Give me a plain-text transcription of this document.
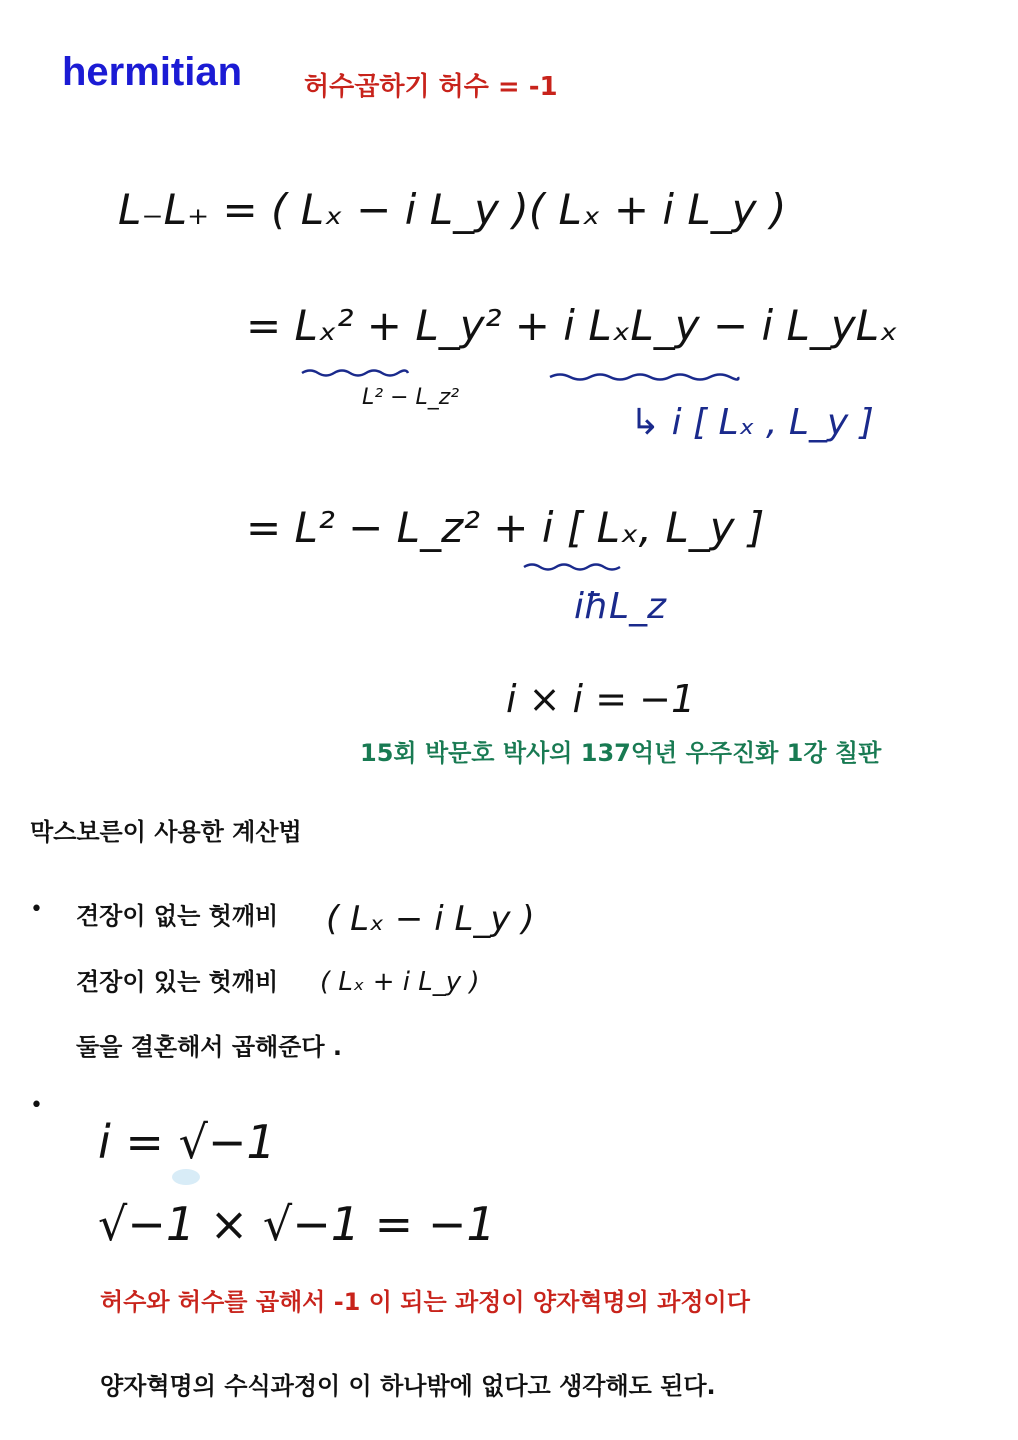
hermitian 허수곱하기 허수 = -1
L₋L₊ = ( Lₓ − i L_y )( Lₓ + i L_y )
= Lₓ² + L_y² + i LₓL_y − i L_yLₓ
L² − L_z²
↳ i [ Lₓ , L_y ]
= L² − L_z² + i [ Lₓ, L_y ]
iħL_z
i × i = −1
15회 박문호 박사의 137억년 우주진화 1강 칠판
막스보른이 사용한 계산법
• 견장이 없는 헛깨비 ( Lₓ − i L_y )
견장이 있는 헛깨비 ( Lₓ + i L_y )
둘을 결혼해서 곱해준다 .
•
i = √−1
√−1 × √−1 = −1
허수와 허수를 곱해서 -1 이 되는 과정이 양자혁명의 과정이다
양자혁명의 수식과정이 이 하나밖에 없다고 생각해도 된다.
